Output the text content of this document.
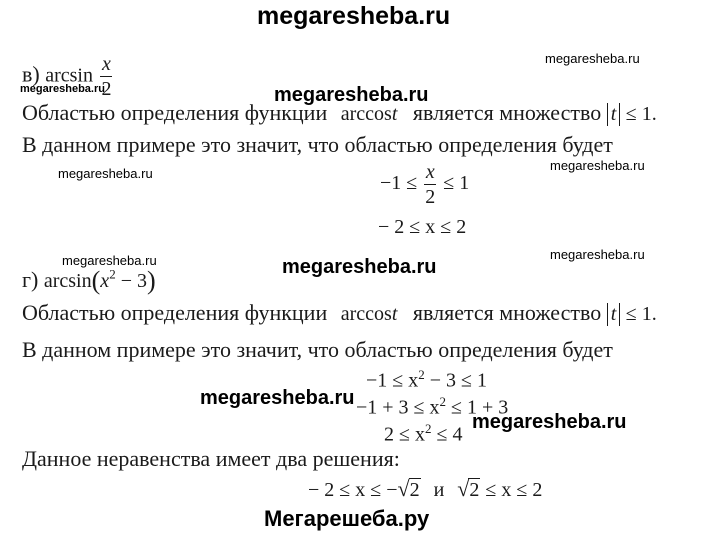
megaresheba.ru
в) $\arcsin \frac{x}{2}$	megaresheba.ru
megaresheba.ru	megaresheba.ru
Областью определения функции arccost является множество t ≤ 1.
В данном примере это значит, что областью определения будет
megaresheba.ru
megaresheba.ru
$-1 \le \frac{x}{2} \le 1$
− 2 ≤ x ≤ 2
megaresheba.ru	megaresheba.ru
megaresheba.ru
г) $\arcsin(x^2 - 3)$
Областью определения функции arccost является множество t ≤ 1.
В данном примере это значит, что областью определения будет
$-1 \le x^2 - 3 \le 1$
megaresheba.ru $-1 + 3 \le x^2 \le 1 + 3$
megaresheba.ru
$2 \le x^2 \le 4$
Данное неравенства имеет два решения:
− 2 ≤ x ≤ − √ 2 и √ 2 ≤ x ≤ 2
Мегарешеба.ру
